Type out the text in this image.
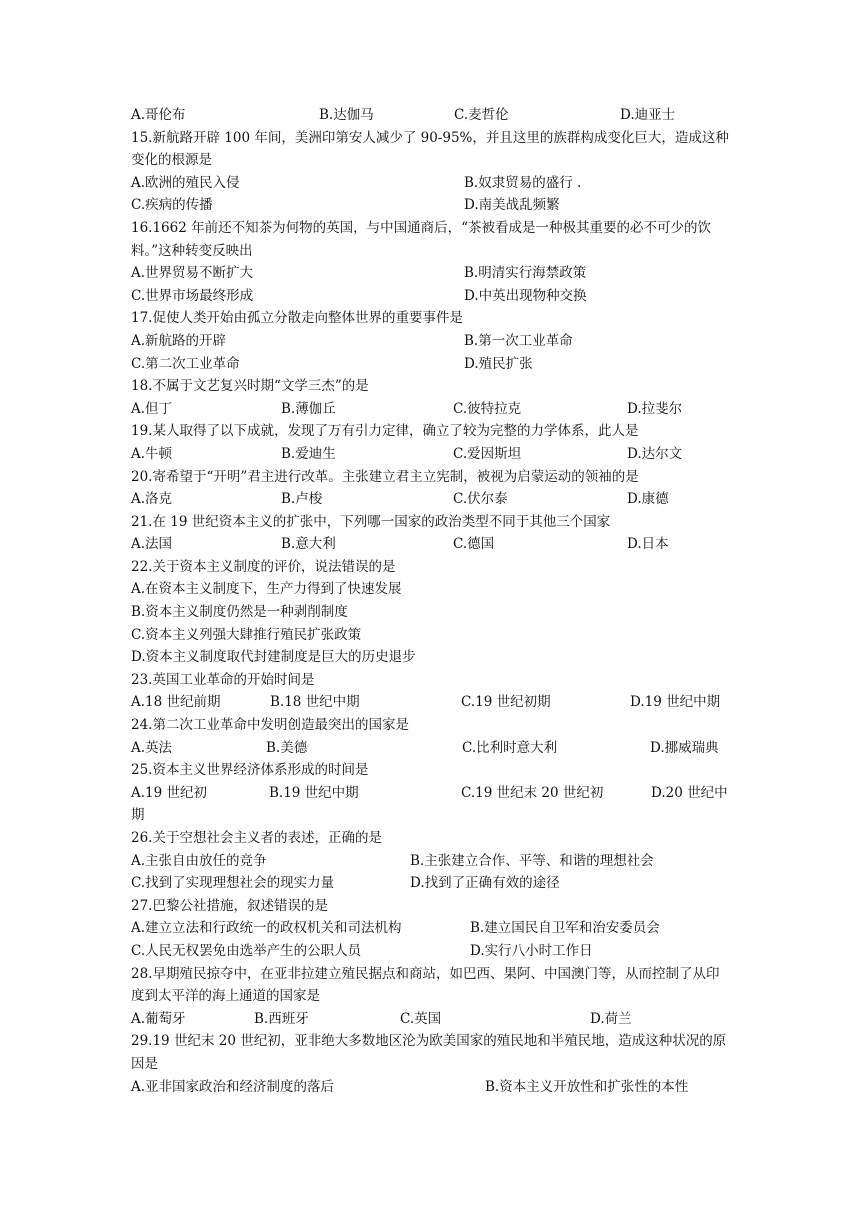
A.哥伦布	B.达伽马	C.麦哲伦	D.迪亚士
15.新航路开辟 100 年间，美洲印第安人减少了 90-95%，并且这里的族群构成变化巨大，造成这种变化的根源是
A.欧洲的殖民入侵	B.奴隶贸易的盛行 .
C.疾病的传播	D.南美战乱频繁
16.1662 年前还不知茶为何物的英国，与中国通商后，“茶被看成是一种极其重要的必不可少的饮料。”这种转变反映出
A.世界贸易不断扩大	B.明清实行海禁政策
C.世界市场最终形成	D.中英出现物种交换
17.促使人类开始由孤立分散走向整体世界的重要事件是
A.新航路的开辟	B.第一次工业革命
C.第二次工业革命	D.殖民扩张
18.不属于文艺复兴时期“文学三杰”的是
A.但丁	B.薄伽丘	C.彼特拉克	D.拉斐尔
19.某人取得了以下成就，发现了万有引力定律，确立了较为完整的力学体系，此人是
A.牛顿	B.爱迪生	C.爱因斯坦	D.达尔文
20.寄希望于“开明”君主进行改革。主张建立君主立宪制，被视为启蒙运动的领袖的是
A.洛克	B.卢梭	C.伏尔泰	D.康德
21.在 19 世纪资本主义的扩张中，下列哪一国家的政治类型不同于其他三个国家
A.法国	B.意大利	C.德国	D.日本
22.关于资本主义制度的评价，说法错误的是
A.在资本主义制度下，生产力得到了快速发展
B.资本主义制度仍然是一种剥削制度
C.资本主义列强大肆推行殖民扩张政策
D.资本主义制度取代封建制度是巨大的历史退步
23.英国工业革命的开始时间是
A.18 世纪前期	B.18 世纪中期	C.19 世纪初期	D.19 世纪中期
24.第二次工业革命中发明创造最突出的国家是
A.英法	B.美德	C.比利时意大利	D.挪威瑞典
25.资本主义世界经济体系形成的时间是
A.19 世纪初	B.19 世纪中期	C.19 世纪末 20 世纪初	D.20 世纪中
期
26.关于空想社会主义者的表述，正确的是
A.主张自由放任的竞争	B.主张建立合作、平等、和谐的理想社会
C.找到了实现理想社会的现实力量	D.找到了正确有效的途径
27.巴黎公社措施，叙述错误的是
A.建立立法和行政统一的政权机关和司法机构	B.建立国民自卫军和治安委员会
C.人民无权罢免由选举产生的公职人员	D.实行八小时工作日
28.早期殖民掠夺中，在亚非拉建立殖民据点和商站，如巴西、果阿、中国澳门等，从而控制了从印度到太平洋的海上通道的国家是
A.葡萄牙	B.西班牙	C.英国	D.荷兰
29.19 世纪末 20 世纪初，亚非绝大多数地区沦为欧美国家的殖民地和半殖民地，造成这种状况的原因是
A.亚非国家政治和经济制度的落后	B.资本主义开放性和扩张性的本性
